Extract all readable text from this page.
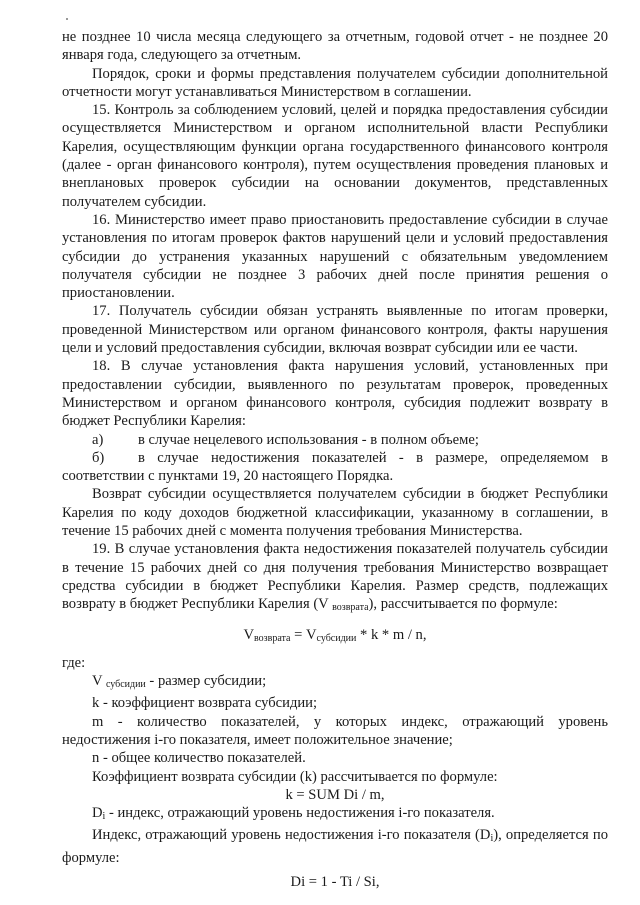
не позднее 10 числа месяца следующего за отчетным, годовой отчет - не позднее 20 января года, следующего за отчетным.

Порядок, сроки и формы представления получателем субсидии дополнительной отчетности могут устанавливаться Министерством в соглашении.

15. Контроль за соблюдением условий, целей и порядка предоставления субсидии осуществляется Министерством и органом исполнительной власти Республики Карелия, осуществляющим функции органа государственного финансового контроля (далее - орган финансового контроля), путем осуществления проведения плановых и внеплановых проверок субсидии на основании документов, представленных получателем субсидии.

16. Министерство имеет право приостановить предоставление субсидии в случае установления по итогам проверок фактов нарушений цели и условий предоставления субсидии до устранения указанных нарушений с обязательным уведомлением получателя субсидии не позднее 3 рабочих дней после принятия решения о приостановлении.

17. Получатель субсидии обязан устранять выявленные по итогам проверки, проведенной Министерством или органом финансового контроля, факты нарушения цели и условий предоставления субсидии, включая возврат субсидии или ее части.

18. В случае установления факта нарушения условий, установленных при предоставлении субсидии, выявленного по результатам проверок, проведенных Министерством и органом финансового контроля, субсидия подлежит возврату в бюджет Республики Карелия:

а)	в случае нецелевого использования - в полном объеме;
б)	в случае недостижения показателей - в размере, определяемом в

соответствии с пунктами 19, 20 настоящего Порядка.

Возврат субсидии осуществляется получателем субсидии в бюджет Республики Карелия по коду доходов бюджетной классификации, указанному в соглашении, в течение 15 рабочих дней с момента получения требования Министерства.

19. В случае установления факта недостижения показателей получатель субсидии в течение 15 рабочих дней со дня получения требования Министерство возвращает средства субсидии в бюджет Республики Карелия. Размер средств, подлежащих возврату в бюджет Республики Карелия (V $_{возврата}$), рассчитывается по формуле:

$V_{возврата} = V_{субсидии} * k * m / n$,

где:

V $_{субсидии}$ - размер субсидии;

k - коэффициент возврата субсидии;

m - количество показателей, у которых индекс, отражающий уровень недостижения i-го показателя, имеет положительное значение;

n - общее количество показателей.

Коэффициент возврата субсидии (k) рассчитывается по формуле:

k = SUM Di / m,

$D_i$ - индекс, отражающий уровень недостижения i-го показателя.

Индекс, отражающий уровень недостижения i-го показателя $(D_i)$, определяется по формуле:

Di = 1 - Ti / Si,
